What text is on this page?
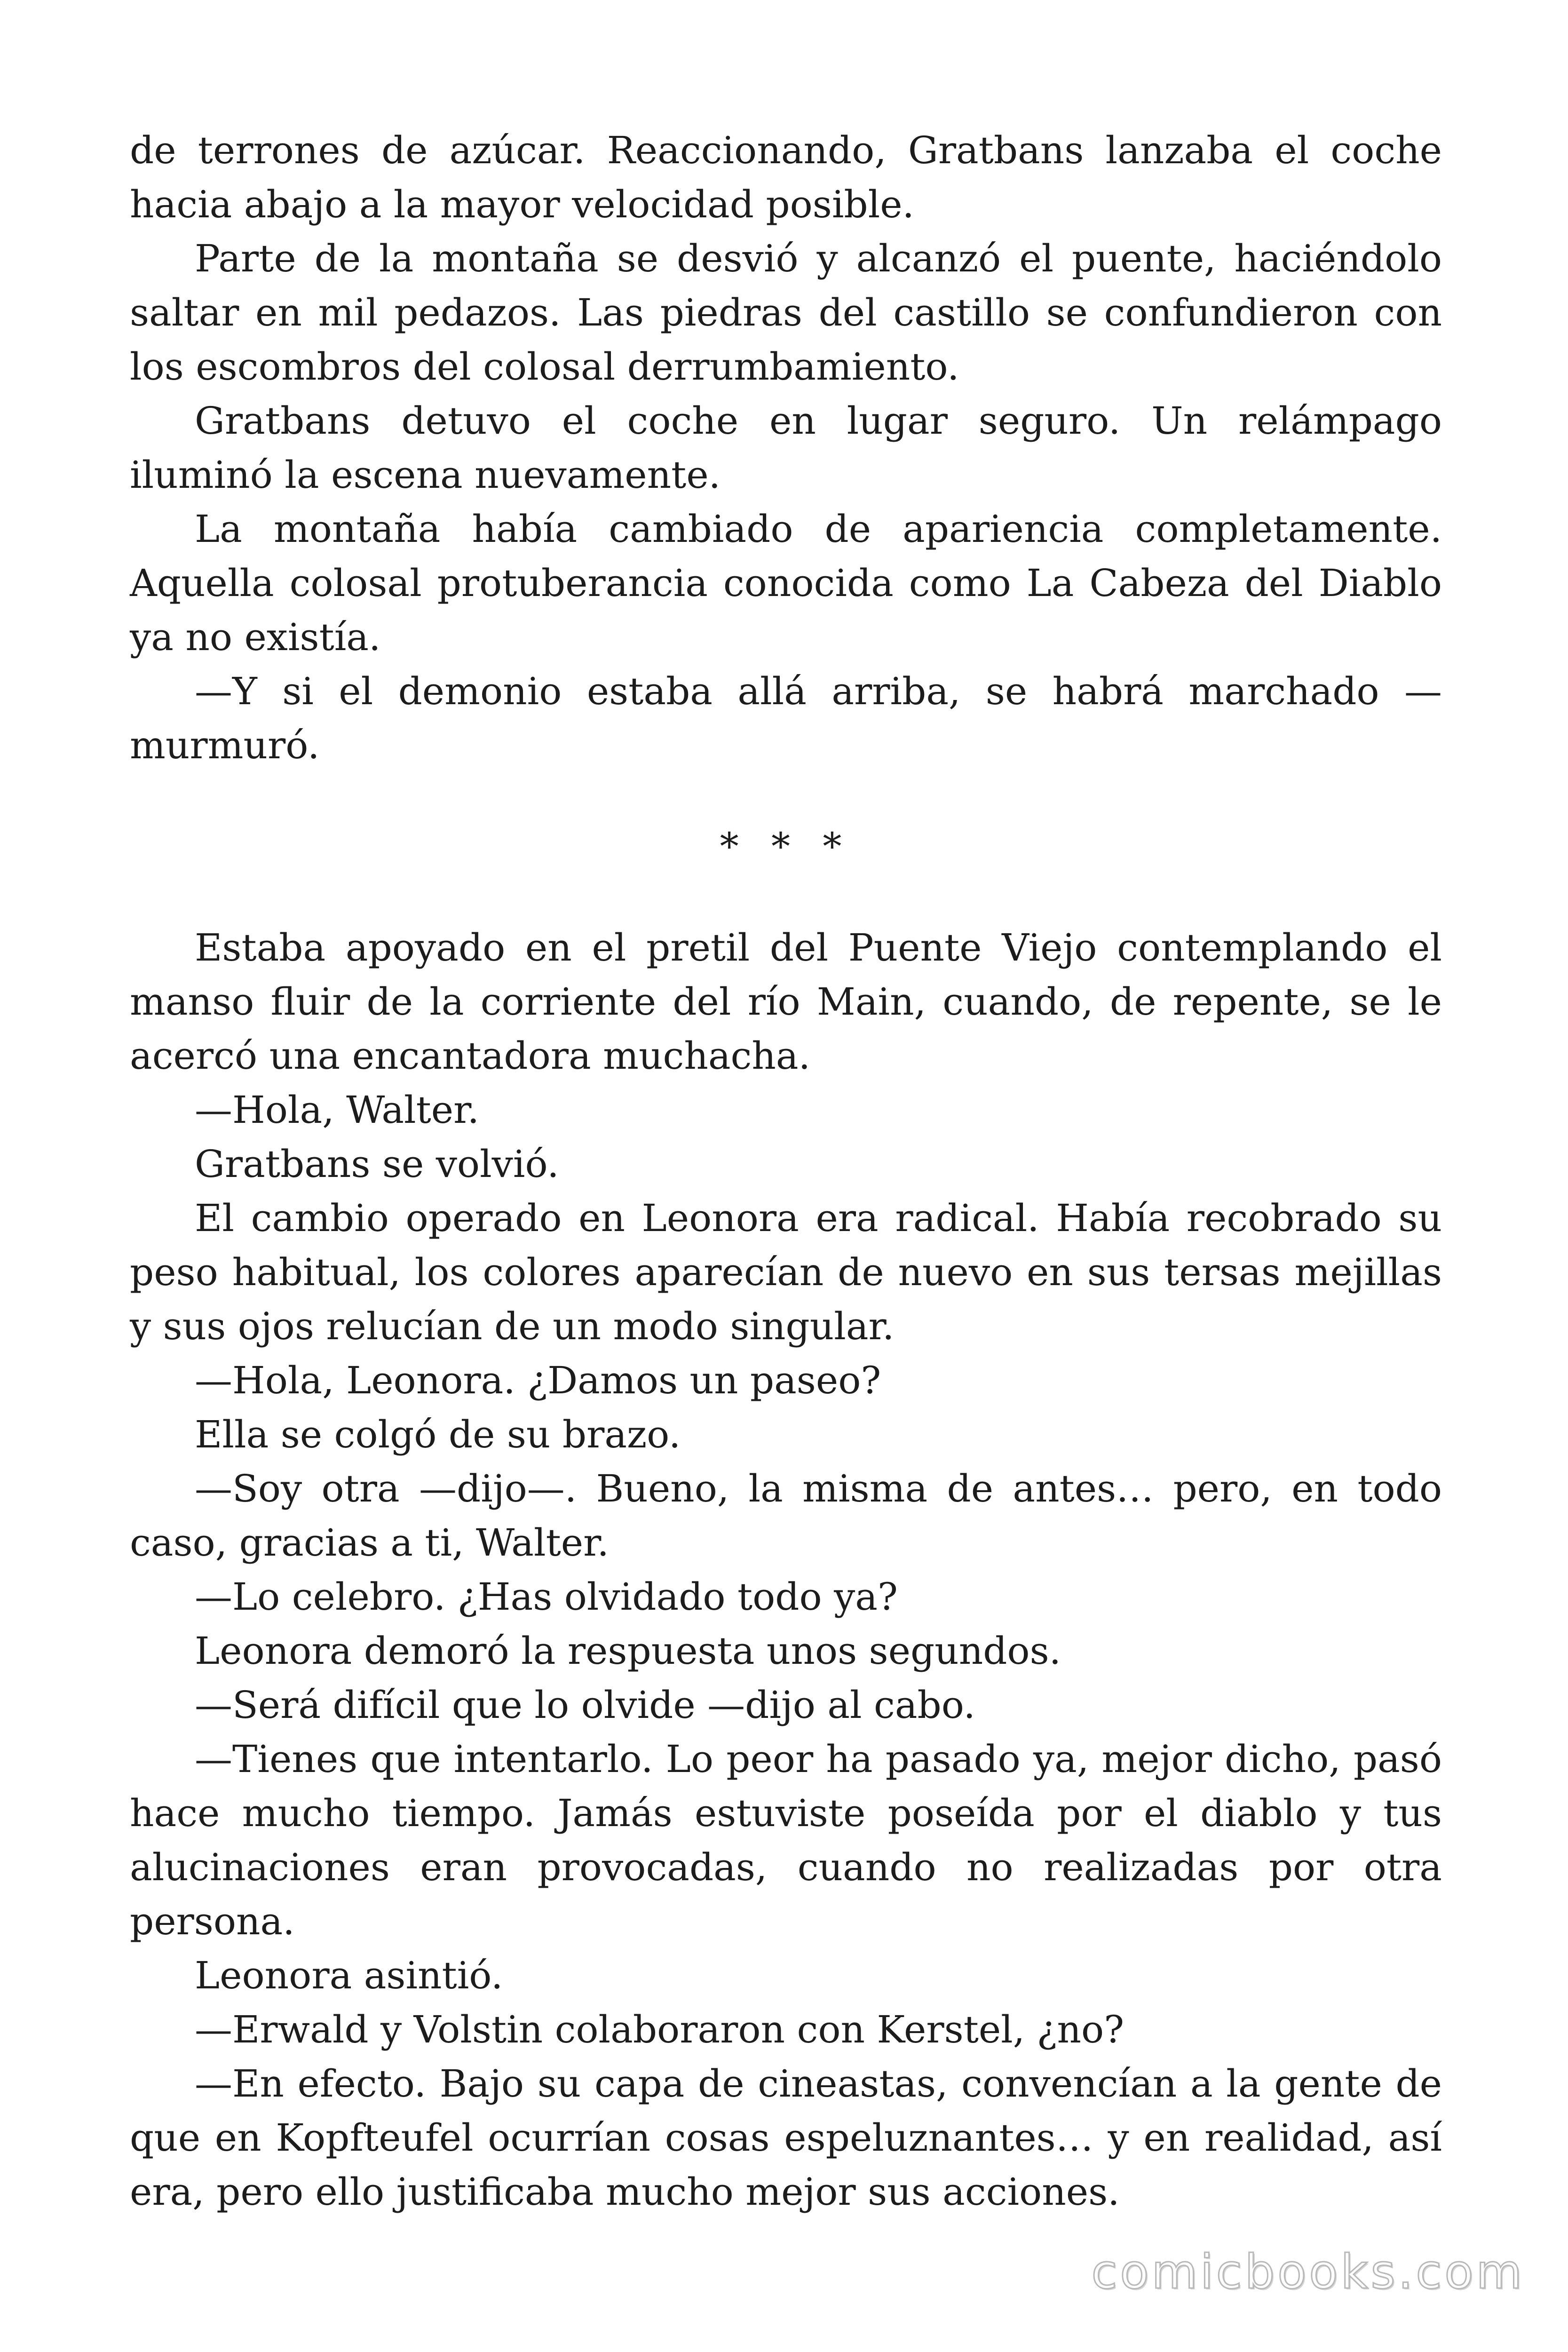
de terrones de azúcar. Reaccionando, Gratbans lanzaba el coche hacia abajo a la mayor velocidad posible.

Parte de la montaña se desvió y alcanzó el puente, haciéndolo saltar en mil pedazos. Las piedras del castillo se confundieron con los escombros del colosal derrumbamiento.

Gratbans detuvo el coche en lugar seguro. Un relámpago iluminó la escena nuevamente.

La montaña había cambiado de apariencia completamente. Aquella colosal protuberancia conocida como La Cabeza del Diablo ya no existía.

—Y si el demonio estaba allá arriba, se habrá marchado —murmuró.

* * *

Estaba apoyado en el pretil del Puente Viejo contemplando el manso fluir de la corriente del río Main, cuando, de repente, se le acercó una encantadora muchacha.

—Hola, Walter.

Gratbans se volvió.

El cambio operado en Leonora era radical. Había recobrado su peso habitual, los colores aparecían de nuevo en sus tersas mejillas y sus ojos relucían de un modo singular.

—Hola, Leonora. ¿Damos un paseo?

Ella se colgó de su brazo.

—Soy otra —dijo—. Bueno, la misma de antes… pero, en todo caso, gracias a ti, Walter.

—Lo celebro. ¿Has olvidado todo ya?

Leonora demoró la respuesta unos segundos.

—Será difícil que lo olvide —dijo al cabo.

—Tienes que intentarlo. Lo peor ha pasado ya, mejor dicho, pasó hace mucho tiempo. Jamás estuviste poseída por el diablo y tus alucinaciones eran provocadas, cuando no realizadas por otra persona.

Leonora asintió.

—Erwald y Volstin colaboraron con Kerstel, ¿no?

—En efecto. Bajo su capa de cineastas, convencían a la gente de que en Kopfteufel ocurrían cosas espeluznantes… y en realidad, así era, pero ello justificaba mucho mejor sus acciones.

comicbooks.com
